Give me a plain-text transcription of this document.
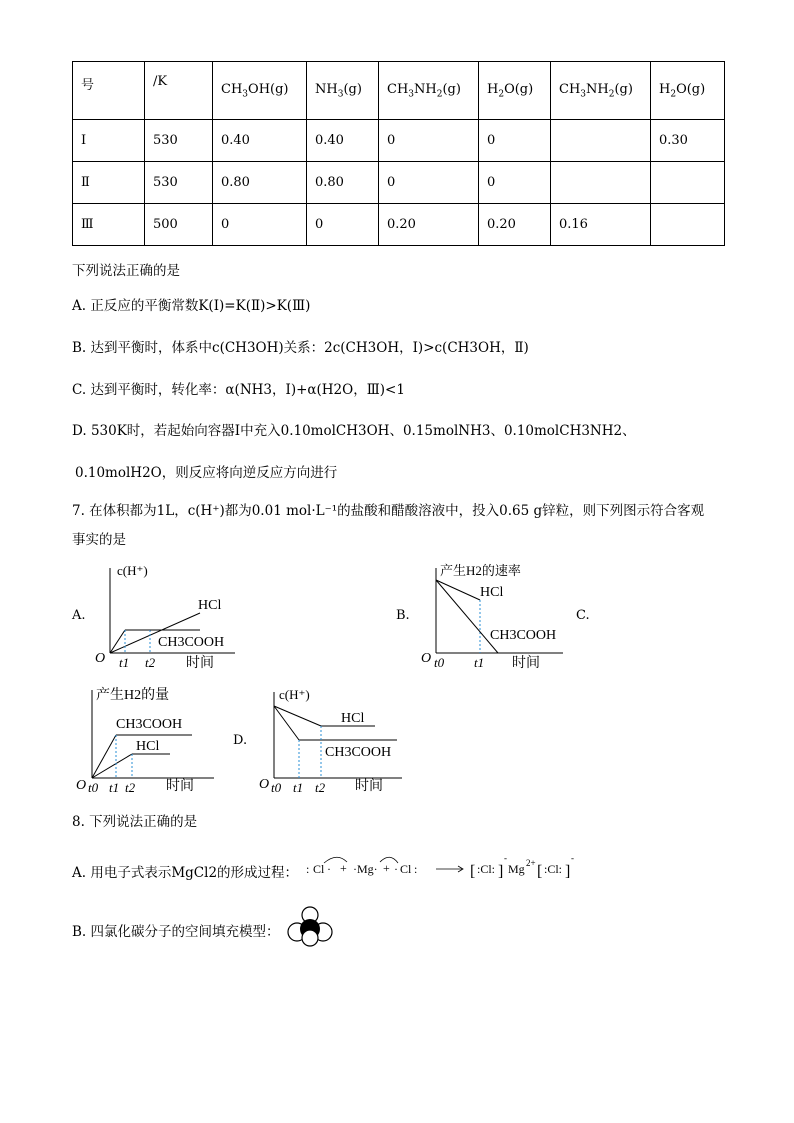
号	/K	$CH_3OH(g)$	$NH_3(g)$	$CH_3NH_2(g)$	$H_2O(g)$	$CH_3NH_2(g)$	$H_2O(g)$
Ⅰ	530	0.40	0.40	0	0		0.30
Ⅱ	530	0.80	0.80	0	0		
Ⅲ	500	0	0	0.20	0.20	0.16	
下列说法正确的是
A. 正反应的平衡常数K(Ⅰ)=K(Ⅱ)>K(Ⅲ)
B. 达到平衡时，体系中c(CH3OH)关系：2c(CH3OH，Ⅰ)>c(CH3OH，Ⅱ)
C. 达到平衡时，转化率：α(NH3，Ⅰ)+α(H2O，Ⅲ)<1
D. 530K时，若起始向容器Ⅰ中充入0.10molCH3OH、0.15molNH3、0.10molCH3NH2、
0.10molH2O，则反应将向逆反应方向进行
7. 在体积都为1L，c(H⁺)都为0.01 mol·L⁻¹的盐酸和醋酸溶液中，投入0.65 g锌粒，则下列图示符合客观
事实的是
A.	B.	C.
D.
c(H⁺)
HCl
CH3COOH
O t1 t2 时间
产生H2的速率
HCl
CH3COOH
O t0 t1 时间
产生H2的量
CH3COOH
HCl
O t0 t1 t2 时间
c(H⁺)
HCl
CH3COOH
O t0 t1 t2 时间
8. 下列说法正确的是
A. 用电子式表示MgCl2的形成过程： : Cl · + ·Mg· + · Cl :	[ :Cl: ]
-
Mg 2+ [ :Cl: ]
-
B. 四氯化碳分子的空间填充模型：
